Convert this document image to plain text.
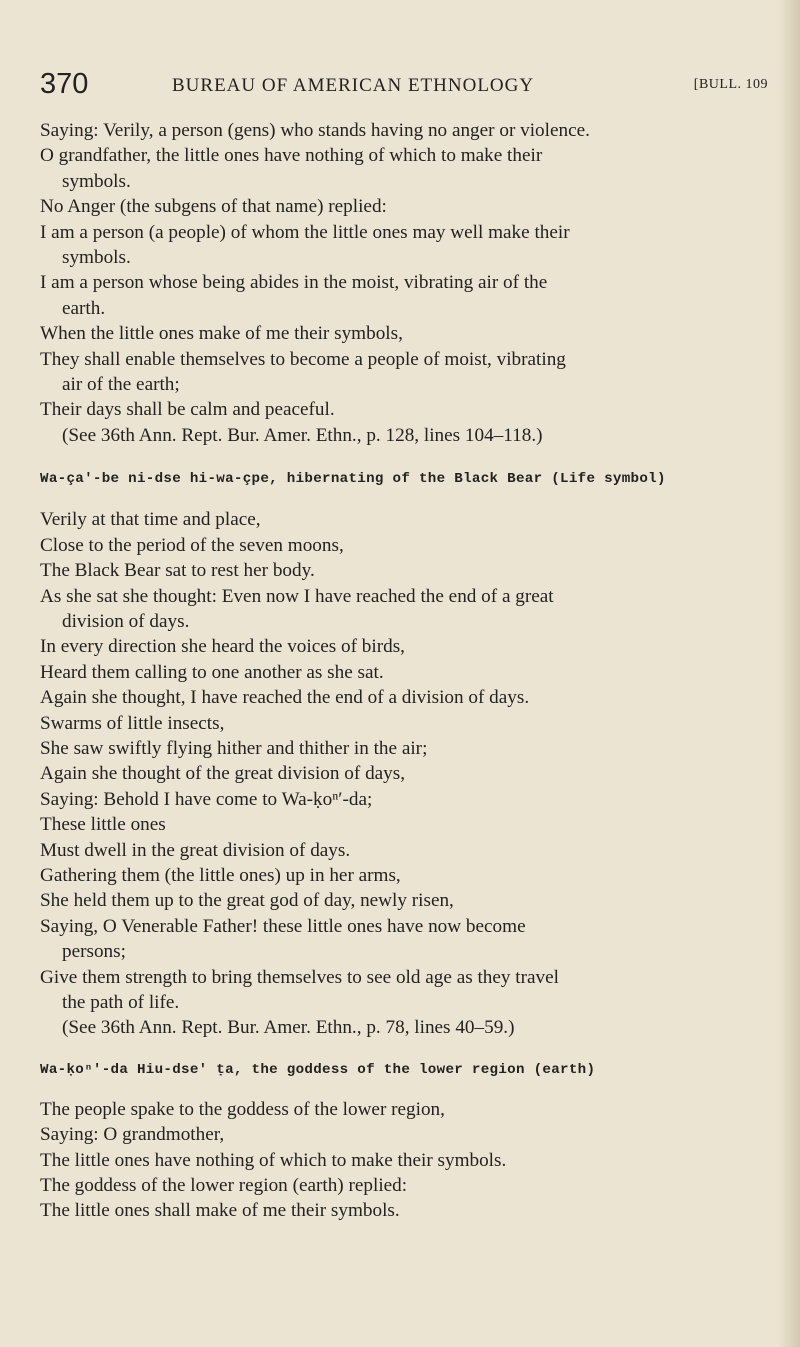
370	BUREAU OF AMERICAN ETHNOLOGY	[BULL. 109

Saying: Verily, a person (gens) who stands having no anger or violence.

O grandfather, the little ones have nothing of which to make their

symbols.

No Anger (the subgens of that name) replied:

I am a person (a people) of whom the little ones may well make their

symbols.

I am a person whose being abides in the moist, vibrating air of the

earth.

When the little ones make of me their symbols,

They shall enable themselves to become a people of moist, vibrating

air of the earth;

Their days shall be calm and peaceful.

(See 36th Ann. Rept. Bur. Amer. Ethn., p. 128, lines 104–118.)

Wa-ça′-be ni-dse hi-wa-çpe, hibernating of the Black Bear (Life symbol)

Verily at that time and place,

Close to the period of the seven moons,

The Black Bear sat to rest her body.

As she sat she thought: Even now I have reached the end of a great

division of days.

In every direction she heard the voices of birds,

Heard them calling to one another as she sat.

Again she thought, I have reached the end of a division of days.

Swarms of little insects,

She saw swiftly flying hither and thither in the air;

Again she thought of the great division of days,

Saying: Behold I have come to Wa-ḳoⁿ′-da;

These little ones

Must dwell in the great division of days.

Gathering them (the little ones) up in her arms,

She held them up to the great god of day, newly risen,

Saying, O Venerable Father! these little ones have now become

persons;

Give them strength to bring themselves to see old age as they travel

the path of life.

(See 36th Ann. Rept. Bur. Amer. Ethn., p. 78, lines 40–59.)

Wa-ḳoⁿ′-da Hiu-dse′ ṭa, the goddess of the lower region (earth)

The people spake to the goddess of the lower region,

Saying: O grandmother,

The little ones have nothing of which to make their symbols.

The goddess of the lower region (earth) replied:

The little ones shall make of me their symbols.
